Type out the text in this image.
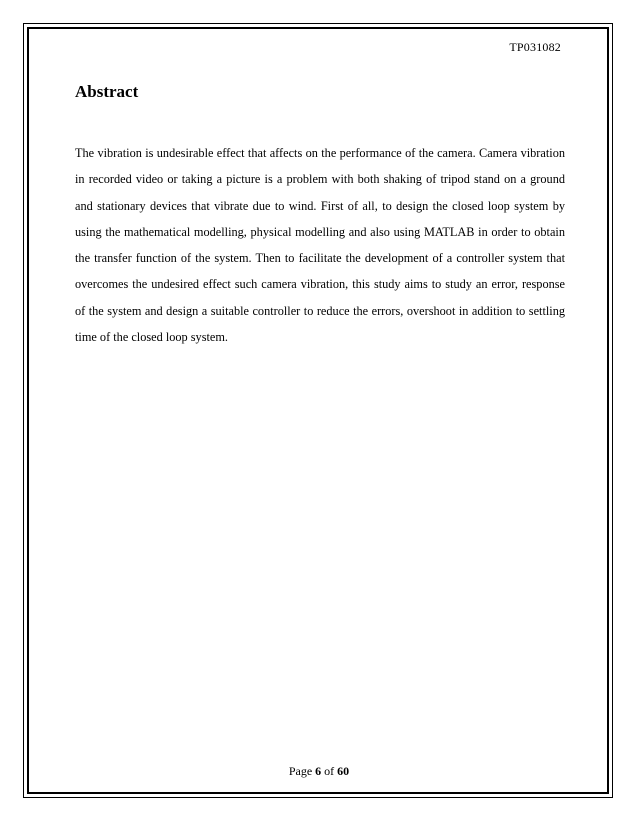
TP031082
Abstract
The vibration is undesirable effect that affects on the performance of the camera. Camera vibration
in recorded video or taking a picture is a problem with both shaking of tripod stand on a ground
and stationary devices that vibrate due to wind. First of all, to design the closed loop system by
using the mathematical modelling, physical modelling and also using MATLAB in order to obtain
the transfer function of the system. Then to facilitate the development of a controller system that
overcomes the undesired effect such camera vibration, this study aims to study an error, response
of the system and design a suitable controller to reduce the errors, overshoot in addition to settling
time of the closed loop system.
Page 6 of 60
